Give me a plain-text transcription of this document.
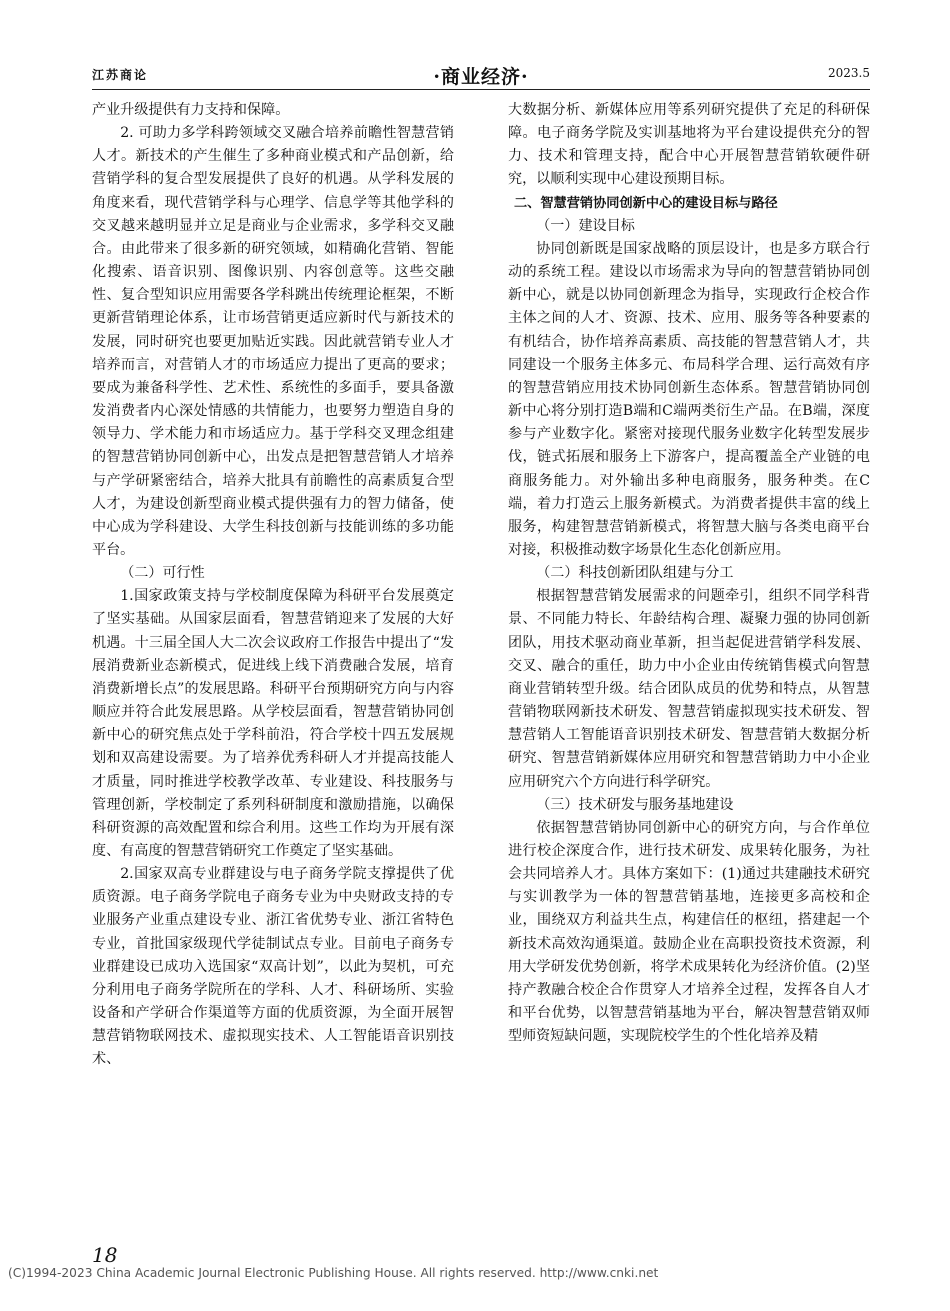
江苏商论	·商业经济·	2023.5

产业升级提供有力支持和保障。

2. 可助力多学科跨领域交叉融合培养前瞻性智慧营销人才。新技术的产生催生了多种商业模式和产品创新，给营销学科的复合型发展提供了良好的机遇。从学科发展的角度来看，现代营销学科与心理学、信息学等其他学科的交叉越来越明显并立足是商业与企业需求，多学科交叉融合。由此带来了很多新的研究领域，如精确化营销、智能化搜索、语音识别、图像识别、内容创意等。这些交融性、复合型知识应用需要各学科跳出传统理论框架，不断更新营销理论体系，让市场营销更适应新时代与新技术的发展，同时研究也要更加贴近实践。因此就营销专业人才培养而言，对营销人才的市场适应力提出了更高的要求；要成为兼备科学性、艺术性、系统性的多面手，要具备激发消费者内心深处情感的共情能力，也要努力塑造自身的领导力、学术能力和市场适应力。基于学科交叉理念组建的智慧营销协同创新中心，出发点是把智慧营销人才培养与产学研紧密结合，培养大批具有前瞻性的高素质复合型人才，为建设创新型商业模式提供强有力的智力储备，使中心成为学科建设、大学生科技创新与技能训练的多功能平台。

（二）可行性

1.国家政策支持与学校制度保障为科研平台发展奠定了坚实基础。从国家层面看，智慧营销迎来了发展的大好机遇。十三届全国人大二次会议政府工作报告中提出了“发展消费新业态新模式，促进线上线下消费融合发展，培育消费新增长点”的发展思路。科研平台预期研究方向与内容顺应并符合此发展思路。从学校层面看，智慧营销协同创新中心的研究焦点处于学科前沿，符合学校十四五发展规划和双高建设需要。为了培养优秀科研人才并提高技能人才质量，同时推进学校教学改革、专业建设、科技服务与管理创新，学校制定了系列科研制度和激励措施，以确保科研资源的高效配置和综合利用。这些工作均为开展有深度、有高度的智慧营销研究工作奠定了坚实基础。

2.国家双高专业群建设与电子商务学院支撑提供了优质资源。电子商务学院电子商务专业为中央财政支持的专业服务产业重点建设专业、浙江省优势专业、浙江省特色专业，首批国家级现代学徒制试点专业。目前电子商务专业群建设已成功入选国家“双高计划”，以此为契机，可充分利用电子商务学院所在的学科、人才、科研场所、实验设备和产学研合作渠道等方面的优质资源，为全面开展智慧营销物联网技术、虚拟现实技术、人工智能语音识别技术、

大数据分析、新媒体应用等系列研究提供了充足的科研保障。电子商务学院及实训基地将为平台建设提供充分的智力、技术和管理支持，配合中心开展智慧营销软硬件研究，以顺利实现中心建设预期目标。

二、智慧营销协同创新中心的建设目标与路径

（一）建设目标

协同创新既是国家战略的顶层设计，也是多方联合行动的系统工程。建设以市场需求为导向的智慧营销协同创新中心，就是以协同创新理念为指导，实现政行企校合作主体之间的人才、资源、技术、应用、服务等各种要素的有机结合，协作培养高素质、高技能的智慧营销人才，共同建设一个服务主体多元、布局科学合理、运行高效有序的智慧营销应用技术协同创新生态体系。智慧营销协同创新中心将分别打造B端和C端两类衍生产品。在B端，深度参与产业数字化。紧密对接现代服务业数字化转型发展步伐，链式拓展和服务上下游客户，提高覆盖全产业链的电商服务能力。对外输出多种电商服务，服务种类。在C端，着力打造云上服务新模式。为消费者提供丰富的线上服务，构建智慧营销新模式，将智慧大脑与各类电商平台对接，积极推动数字场景化生态化创新应用。

（二）科技创新团队组建与分工

根据智慧营销发展需求的问题牵引，组织不同学科背景、不同能力特长、年龄结构合理、凝聚力强的协同创新团队，用技术驱动商业革新，担当起促进营销学科发展、交叉、融合的重任，助力中小企业由传统销售模式向智慧商业营销转型升级。结合团队成员的优势和特点，从智慧营销物联网新技术研发、智慧营销虚拟现实技术研发、智慧营销人工智能语音识别技术研发、智慧营销大数据分析研究、智慧营销新媒体应用研究和智慧营销助力中小企业应用研究六个方向进行科学研究。

（三）技术研发与服务基地建设

依据智慧营销协同创新中心的研究方向，与合作单位进行校企深度合作，进行技术研发、成果转化服务，为社会共同培养人才。具体方案如下：(1)通过共建融技术研究与实训教学为一体的智慧营销基地，连接更多高校和企业，围绕双方利益共生点，构建信任的枢纽，搭建起一个新技术高效沟通渠道。鼓励企业在高职投资技术资源，利用大学研发优势创新，将学术成果转化为经济价值。(2)坚持产教融合校企合作贯穿人才培养全过程，发挥各自人才和平台优势，以智慧营销基地为平台，解决智慧营销双师型师资短缺问题，实现院校学生的个性化培养及精

18
(C)1994-2023 China Academic Journal Electronic Publishing House. All rights reserved. http://www.cnki.net
